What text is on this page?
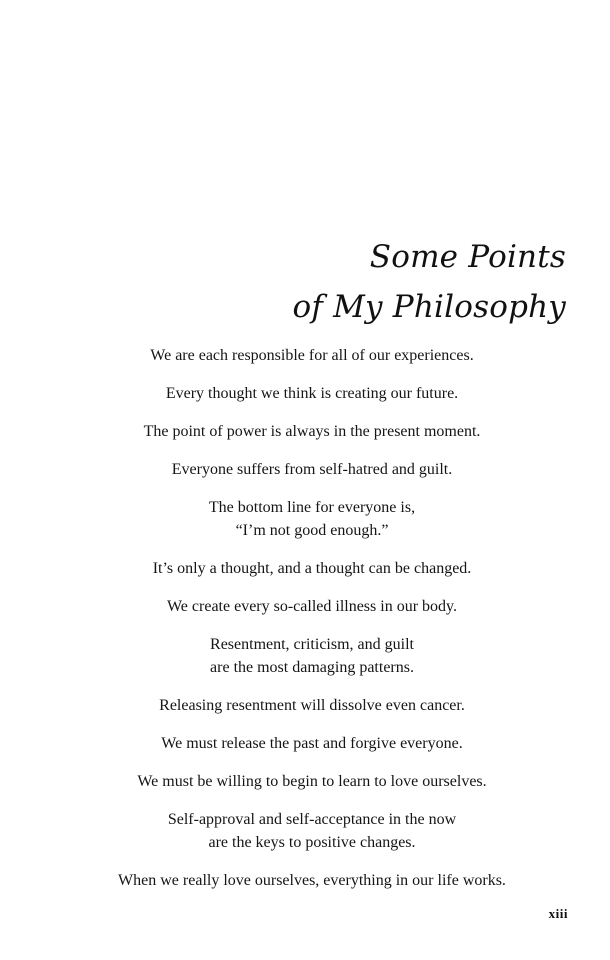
Some Points
of My Philosophy
We are each responsible for all of our experiences.
Every thought we think is creating our future.
The point of power is always in the present moment.
Everyone suffers from self-hatred and guilt.
The bottom line for everyone is,
“I’m not good enough.”
It’s only a thought, and a thought can be changed.
We create every so-called illness in our body.
Resentment, criticism, and guilt
are the most damaging patterns.
Releasing resentment will dissolve even cancer.
We must release the past and forgive everyone.
We must be willing to begin to learn to love ourselves.
Self-approval and self-acceptance in the now
are the keys to positive changes.
When we really love ourselves, everything in our life works.
xiii
